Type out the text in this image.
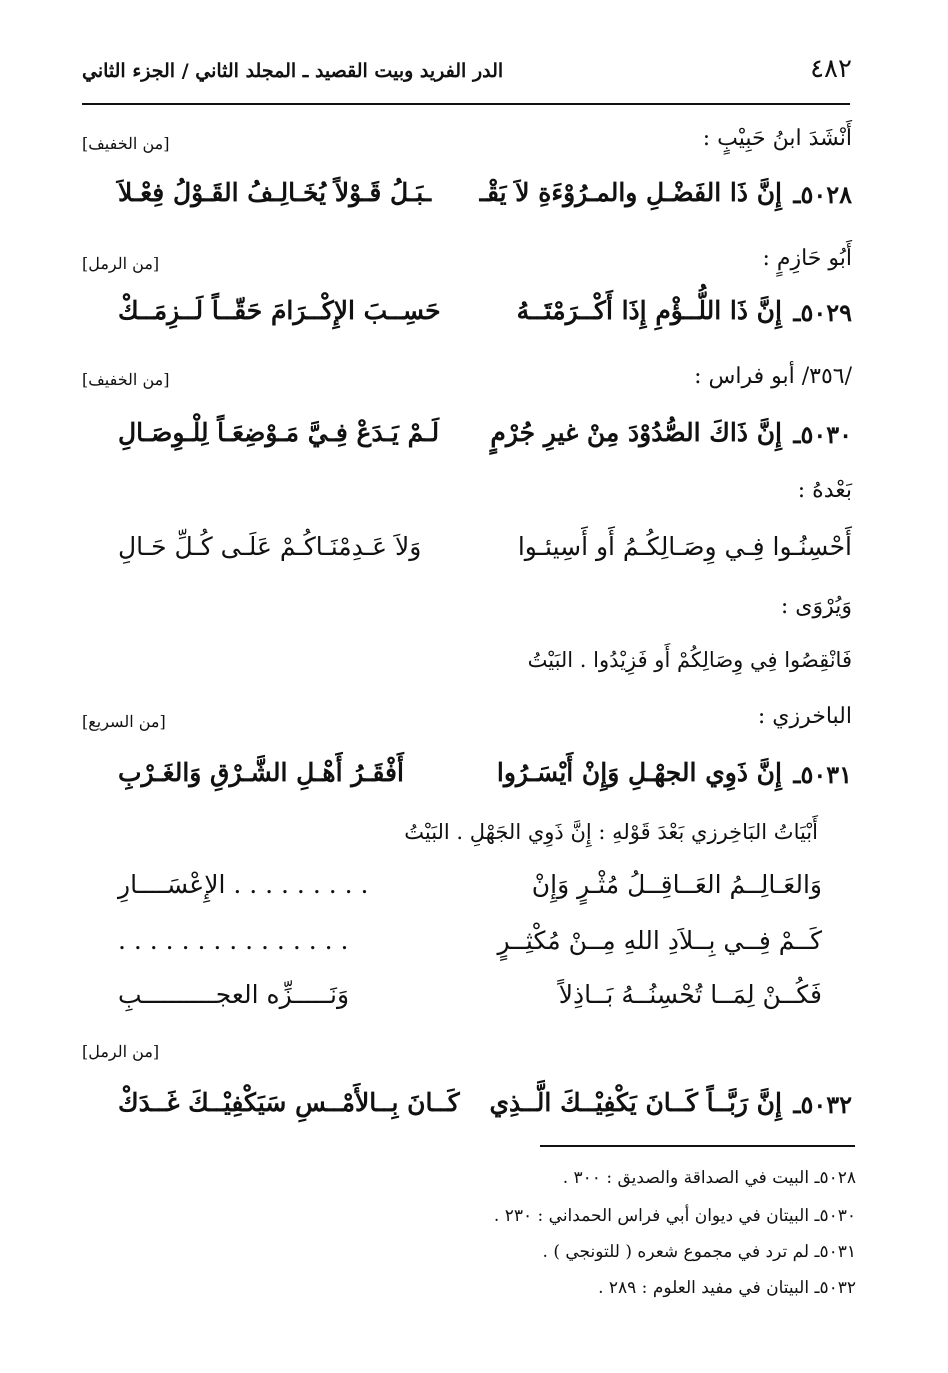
٤٨٢
الدر الفريد وبيت القصيد ـ المجلد الثاني / الجزء الثاني
أَنْشَدَ ابنُ حَبِيْبٍ :
[من الخفيف]
٥٠٢٨ـ
إِنَّ ذَا الفَضْـلِ والمـرُوْءَةِ لاَ يَقْـ
ـبَـلُ قَـوْلاً يُخَـالِـفُ القَـوْلُ فِعْـلاَ
أَبُو حَازِمٍ :
[من الرمل]
٥٠٢٩ـ
إِنَّ ذَا اللُّــؤْمِ إِذَا أَكْــرَمْتَــهُ
حَسِــبَ الإِكْــرَامَ حَقّــاً لَــزِمَــكْ
/٣٥٦/ أبو فراس :
[من الخفيف]
٥٠٣٠ـ
إِنَّ ذَاكَ الصُّدُوْدَ مِنْ غيرِ جُرْمٍ
لَـمْ يَـدَعْ فِـيَّ مَـوْضِعَـاً لِلْـوِصَـالِ
بَعْدهُ :
أَحْسِنُـوا فِـي وِصَـالِكُـمُ أَو أَسِيئـوا
وَلاَ عَـدِمْنَـاكُـمْ عَلَـى كُـلِّ حَـالِ
وَيُرْوَى :
فَانْقِصُوا فِي وِصَالِكُمْ أَو فَزِيْدُوا . البَيْتُ
الباخرزي :
[من السريع]
٥٠٣١ـ
إِنَّ ذَوِي الجهْـلِ وَإِنْ أَيْسَـرُوا
أَفْقَـرُ أَهْـلِ الشَّـرْقِ وَالغَـرْبِ
أَبْيَاتُ البَاخِرزي بَعْدَ قَوْلهِ : إِنَّ ذَوِي الجَهْلِ . البَيْتُ
وَالعَـالِــمُ العَــاقِــلُ مُثْـرٍ وَإِنْ
. . . . . . . . . الإِعْسَــــارِ
كَــمْ فِــي بِــلاَدِ اللهِ مِــنْ مُكْثِــرٍ
. . . . . . . . . . . . . . .
فَكُــنْ لِمَــا تُحْسِنُــهُ بَــاذِلاً
وَنَـــــزِّه العجــــــــــبِ
[من الرمل]
٥٠٣٢ـ
إِنَّ رَبَّــاً كَــانَ يَكْفِيْــكَ الَّــذِي
كَــانَ بِــالأَمْــسِ سَيَكْفِيْــكَ غَــدَكْ
٥٠٢٨ـ البيت في الصداقة والصديق : ٣٠٠ .
٥٠٣٠ـ البيتان في ديوان أبي فراس الحمداني : ٢٣٠ .
٥٠٣١ـ لم ترد في مجموع شعره ( للتونجي ) .
٥٠٣٢ـ البيتان في مفيد العلوم : ٢٨٩ .
